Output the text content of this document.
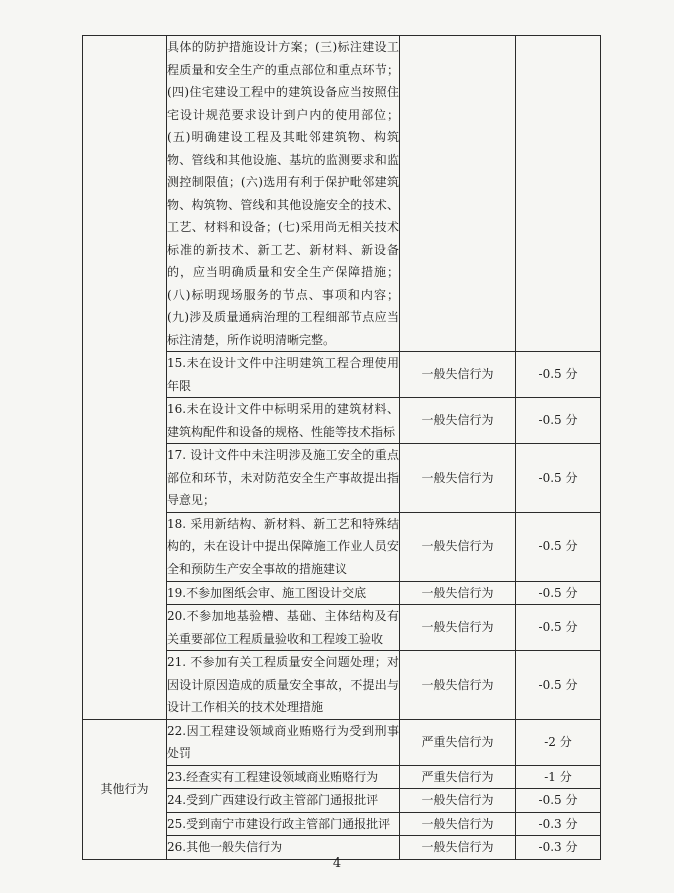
	具体的防护措施设计方案；(三)标注建设工程质量和安全生产的重点部位和重点环节；(四)住宅建设工程中的建筑设备应当按照住宅设计规范要求设计到户内的使用部位；(五)明确建设工程及其毗邻建筑物、构筑物、管线和其他设施、基坑的监测要求和监测控制限值；(六)选用有利于保护毗邻建筑物、构筑物、管线和其他设施安全的技术、工艺、材料和设备；(七)采用尚无相关技术标准的新技术、新工艺、新材料、新设备的，应当明确质量和安全生产保障措施；(八)标明现场服务的节点、事项和内容；(九)涉及质量通病治理的工程细部节点应当标注清楚，所作说明清晰完整。		
	15.未在设计文件中注明建筑工程合理使用年限	一般失信行为	-0.5 分
	16.未在设计文件中标明采用的建筑材料、建筑构配件和设备的规格、性能等技术指标	一般失信行为	-0.5 分
	17. 设计文件中未注明涉及施工安全的重点部位和环节，未对防范安全生产事故提出指导意见；	一般失信行为	-0.5 分
	18. 采用新结构、新材料、新工艺和特殊结构的，未在设计中提出保障施工作业人员安全和预防生产安全事故的措施建议	一般失信行为	-0.5 分
	19.不参加图纸会审、施工图设计交底	一般失信行为	-0.5 分
	20.不参加地基验槽、基础、主体结构及有关重要部位工程质量验收和工程竣工验收	一般失信行为	-0.5 分
	21. 不参加有关工程质量安全问题处理；对因设计原因造成的质量安全事故，不提出与设计工作相关的技术处理措施	一般失信行为	-0.5 分
其他行为	22.因工程建设领域商业贿赂行为受到刑事处罚	严重失信行为	-2 分
	23.经查实有工程建设领域商业贿赂行为	严重失信行为	-1 分
	24.受到广西建设行政主管部门通报批评	一般失信行为	-0.5 分
	25.受到南宁市建设行政主管部门通报批评	一般失信行为	-0.3 分
	26.其他一般失信行为	一般失信行为	-0.3 分
4
